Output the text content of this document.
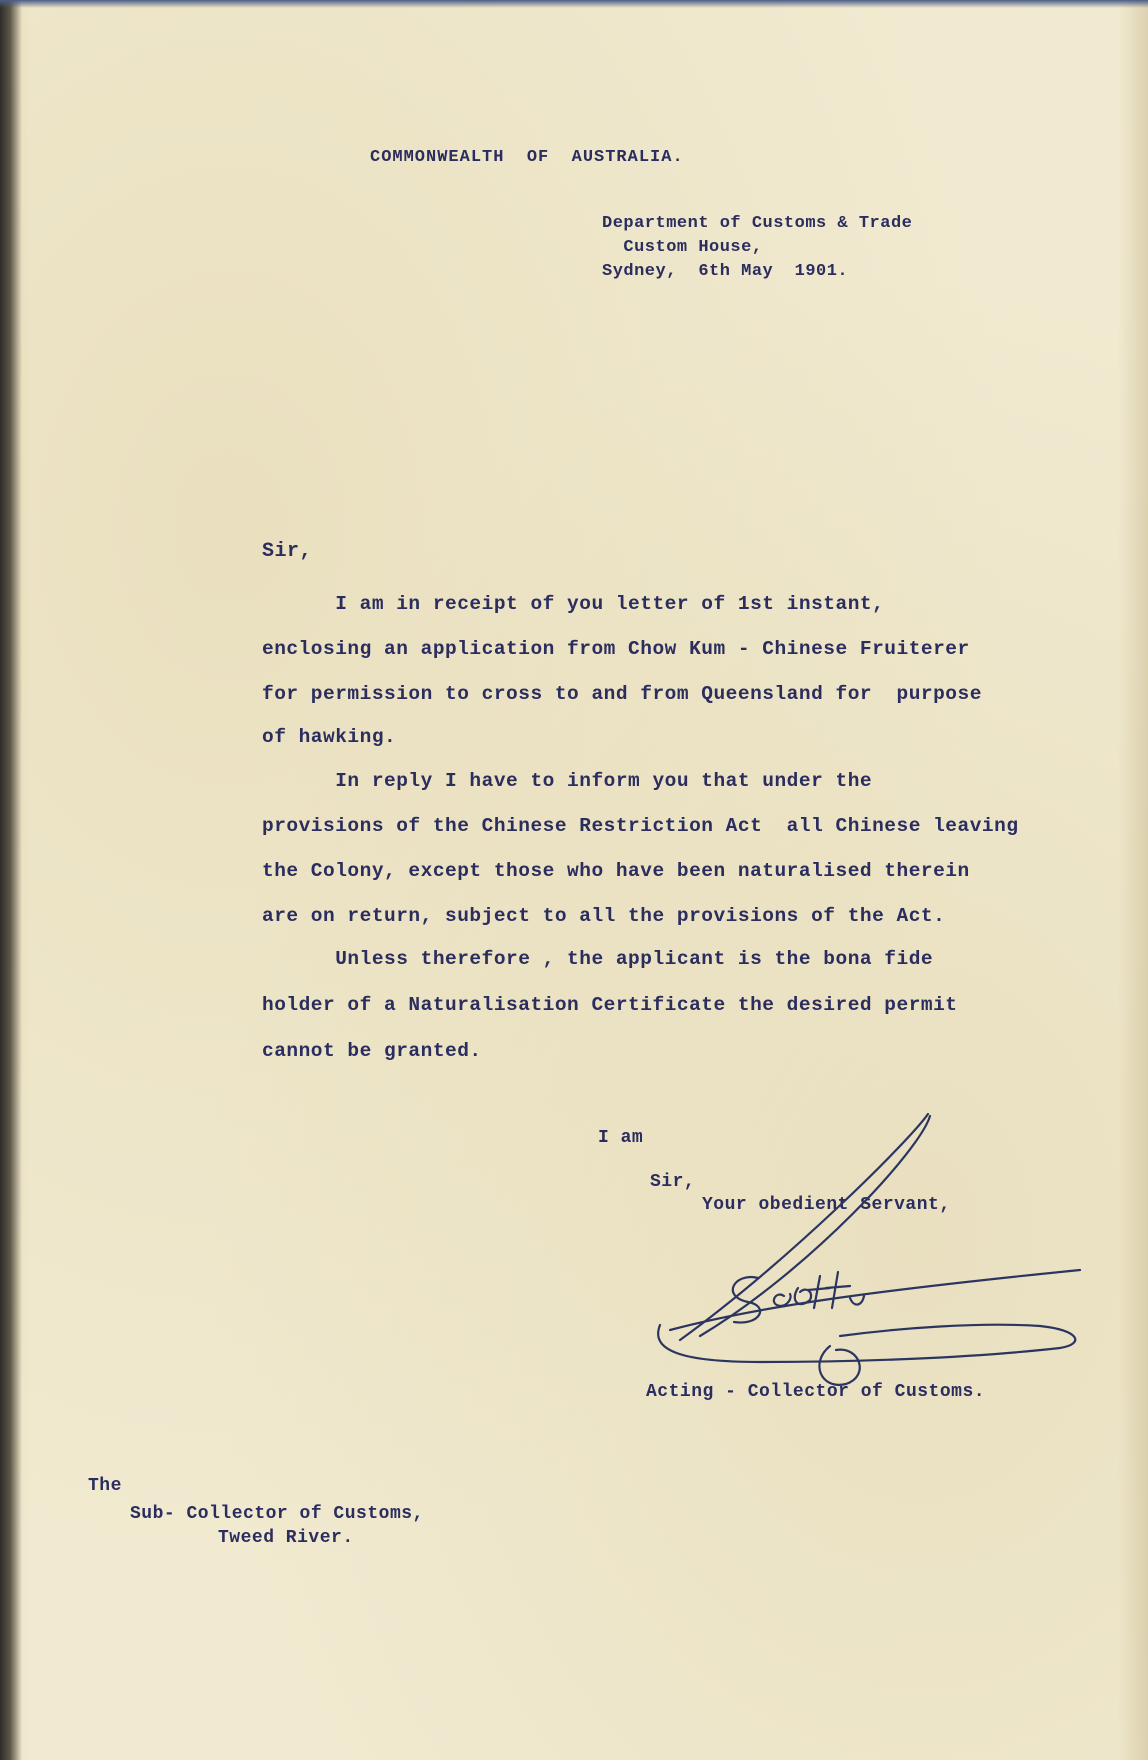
COMMONWEALTH  OF  AUSTRALIA.
Department of Customs & Trade
Custom House,
Sydney,  6th May  1901.
Sir,
I am in receipt of you letter of 1st instant,
enclosing an application from Chow Kum - Chinese Fruiterer
for permission to cross to and from Queensland for  purpose
of hawking.
In reply I have to inform you that under the
provisions of the Chinese Restriction Act  all Chinese leaving
the Colony, except those who have been naturalised therein
are on return, subject to all the provisions of the Act.
Unless therefore , the applicant is the bona fide
holder of a Naturalisation Certificate the desired permit
cannot be granted.
I am
Sir,
Your obedient Servant,
Acting - Collector of Customs.
The
Sub- Collector of Customs,
Tweed River.
